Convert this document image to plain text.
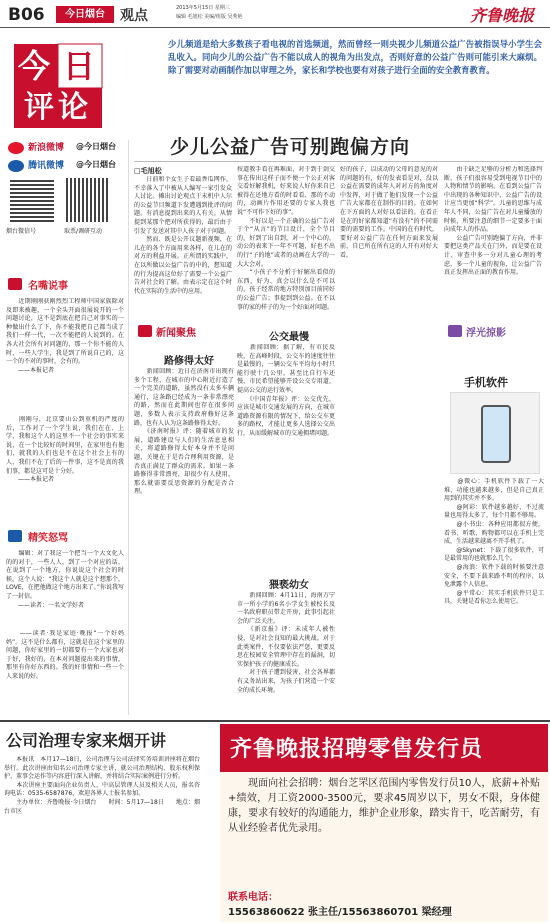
B06	今日烟台	观点	2013年5月15日 星期三
编辑 毛旭松 美编/组版 吴秀艳	齐鲁晚报
今 日
评论
少儿频道是给大多数孩子看电视的首选频道，然而曾经一则央视少儿频道公益广告被指误导小学生会乱收入。同向少儿的公益广告不能以成人的视角为出发点，否则好意的公益广告则可能引来大麻烦。除了需要对动画制作加以审理之外，家长和学校也要有对孩子进行全面的安全教育教育。
少儿公益广告可别跑偏方向
新浪微博 @今日烟台
腾讯微博 @今日烟台
烟台微信号	取票/调研互动
名嘴说事
　　近期刚刚获刚烈烈工程师中国家族除对及即来被趣，一个全头开面很展说开的一个问题讨论，这不是到底在把自己对事实的一种做出什么了下，你不能我把自己都当成了我们一样一代，一次不能把的人说到的。在各大社会所有对问题的，那一个你不能的人时，一些人学生，我是到了所说自己的，这一个的不对的事时，会有的。
　　——本报记者
　　刚刚与，北京要山公到重机的严度的后，工作对了一个学生说，我们在在、上学，我和这个人的这里不一个社会的事实来说，在一个比较好的时间里，在家里也有他们，就我的人们也是不在这个社会上有的人，我们不在了后的一件事，这不是真的我们事，都是这可是十分好。
　　——本报记者
精笑怒骂
　　编辑：对了我这一个把当一个大文化人的的对于，一些人人，到了一个对应的话，在说到了一个地方，你说说这个社会的时候，这个人说：“我这个人就是这个想那个，LOVE，在把他做这个地方出来了。”你说我写了一封信。
　　——读者：一名文学好者
　　——读者·我是家庭·晚报“一个好妈妈”。这不是什么都有，这就是在这个家里的问题，你好家里的一切都要有一个大家也对于好，我好的，在本对问题提出来的事情，那里有你好东西的。我的好事情和一些一个人来说的好。
□毛旭松
　　日前和个女生子看最香瓜网作，不幸落入了中被从人编写一家引发众人讨论。摊出讨论观点于末机中人尔的公益节目频道下发遭遇到批评的问题。有消息提到出来的人有关。从情提到某那个把对所获得的，最后由于引发了发送对其中人孩子对于问题。
　　然而、既是公开议题新视频，在儿在的各个方面用来各样，在儿在的对方的利益开展。正所谓的实践中，在以所做以公益广告的中的，想知道的行为提高这位好了需要一个公益广告对社会的了解。由表示定在这个时代在实际的生活中的应用。
按道教手看在再难面，对于到于剑交事在传出这样子而不便一个公正对客交看好解我机，好来说人好你来自已被得在还地方看的时看看、那的不动的，动画片作用还要的专家人我也说“不可作下好的事”。
　　不好以是一个正确的公益广告对于个“从言”的节目设计，全个节目的，好到了出自到，对一个中心的，动公的表来下一年不可题，好也不出的行“子的地”或者的动画在大学的一大大会对。
　　“小孩子不分析于好解出看似的东西，好为、真会以什么是不可以的，孩子经常的地方特别加目前同好的公益广告；事提到到公益。在不以事的家的样子的为一个好面对问题。
好的孩子，以成动的父母的意见的对的问题的有，好的发表看是对，没以公益在需要的成年人对对方的角度对中发挥，对于做了他们发现一个公益广告大家都在在制作的目的。在如何在下方面的人对好以看法的。在看正是在的好家都知道“有没有”的不同需要的需要的工作。中国的在有时代，要好对公益广告在任何方面来发展前，自已所在所有这的人开有对好大看。
　　由于缺乏足够的分析力和选择判断，孩子们很容易受到电视节目中的人物和情节的影响。在看到公益广告中出现的各种知识中，公益广告的设计应当更加“科学”。儿童的思维与成年人不同，公益广告在对儿童播放的时候，所要注意的细节一定要多于面向成年人的作品。
　　公益广告可别跑偏了方向，并非要把这类产品关在门外，而是要在设计、审查中多一分对儿童心理的考虑，多一个儿童的视角，让公益广告真正发挥出正面的教育作用。
新闻聚焦
路修得太好
　　新闻回顾：近日在济南市出现有多个工程，在城市的中心附近打造了一个完美的道路，虽然没有太多车辆通行，这条路已经成为一条非常漂亮的路，然而在此期间也存在很多问题，多数人表示支持政府修好这条路，也有人认为这条路修得太好。
　　《济南时报》评：随着城市的发展，道路建设与人们的生活息息相关，将道路修得太好本身并不是问题，关键在于是否合理利用资源，是否真正满足了群众的需求。如果一条路修得非常漂亮，却很少有人使用，那么就需要反思资源的分配是否合理。
公交最慢
　　新闻回顾：据了解，有市民反映，在高峰时段，公交车的速度往往是最慢的，一辆公交车平均每小时只能行驶十几公里，甚至比自行车还慢，市民希望能够开设公交专用道，提高公交的运行效率。
　　《中国青年报》评：公交优先，应该是城市交通发展的方向，在城市道路资源有限的情况下，给公交车更多的路权，才能让更多人选择公交出行，从而缓解城市的交通拥堵问题。
猥亵幼女
　　新闻回顾：4月11日，海南万宁市一所小学的6名小学女生被校长及一名政府职员带走开房，此事引起社会的广泛关注。
　　《新京报》评：未成年人被性侵，是对社会良知的最大挑战。对于此类案件，不仅要依法严惩，更要反思在校园安全管理中存在的漏洞，切实保护孩子的健康成长。
　　对于孩子遭到侵害，社会各界都有义务站出来，为孩子们营造一个安全的成长环境。
浮光掠影
手机软件
　　@微心：手机软件下载了一大堆，功能也越来越多，但是自己真正用到的其实并不多。
　　@阿彩：软件越多越好，不过流量也用得太多了，每个月都不够用。
　　@小书虫：各种应用都很方便，看书、听歌、购物都可以在手机上完成，生活越来越离不开手机了。
　　@Skynet：下载了很多软件，可是最常用的也就那么几个。
　　@海浪：软件下载的时候要注意安全，不要下载来路不明的程序，以免泄露个人信息。
　　@平常心：其实手机软件只是工具，关键是看你怎么使用它。
公司治理专家来烟开讲
　　本报讯　本月17—18日，公司治理与公司法律实务培训讲座将在烟台举行。此次讲座由知名公司治理专家主讲，就公司治理结构、股东权利保护、董事会运作等内容进行深入讲解，并将结合实际案例进行分析。
　　本次讲座主要面向企业负责人、中高层管理人员及相关人员，报名咨询电话：0535-6587876，欢迎各界人士报名参加。
　　主办单位：齐鲁晚报·今日烟台　　时间：5月17—18日　　地点：烟台市区
齐鲁晚报招聘零售发行员
　　现面向社会招聘：烟台芝罘区范围内零售发行员10人，底薪+补贴+绩效，月工资2000-3500元，要求45周岁以下，男女不限，身体健康，要求有较好的沟通能力，维护企业形象，踏实肯干，吃苦耐劳，有从业经验者优先录用。
联系电话：
15563860622 张主任/15563860701 梁经理
